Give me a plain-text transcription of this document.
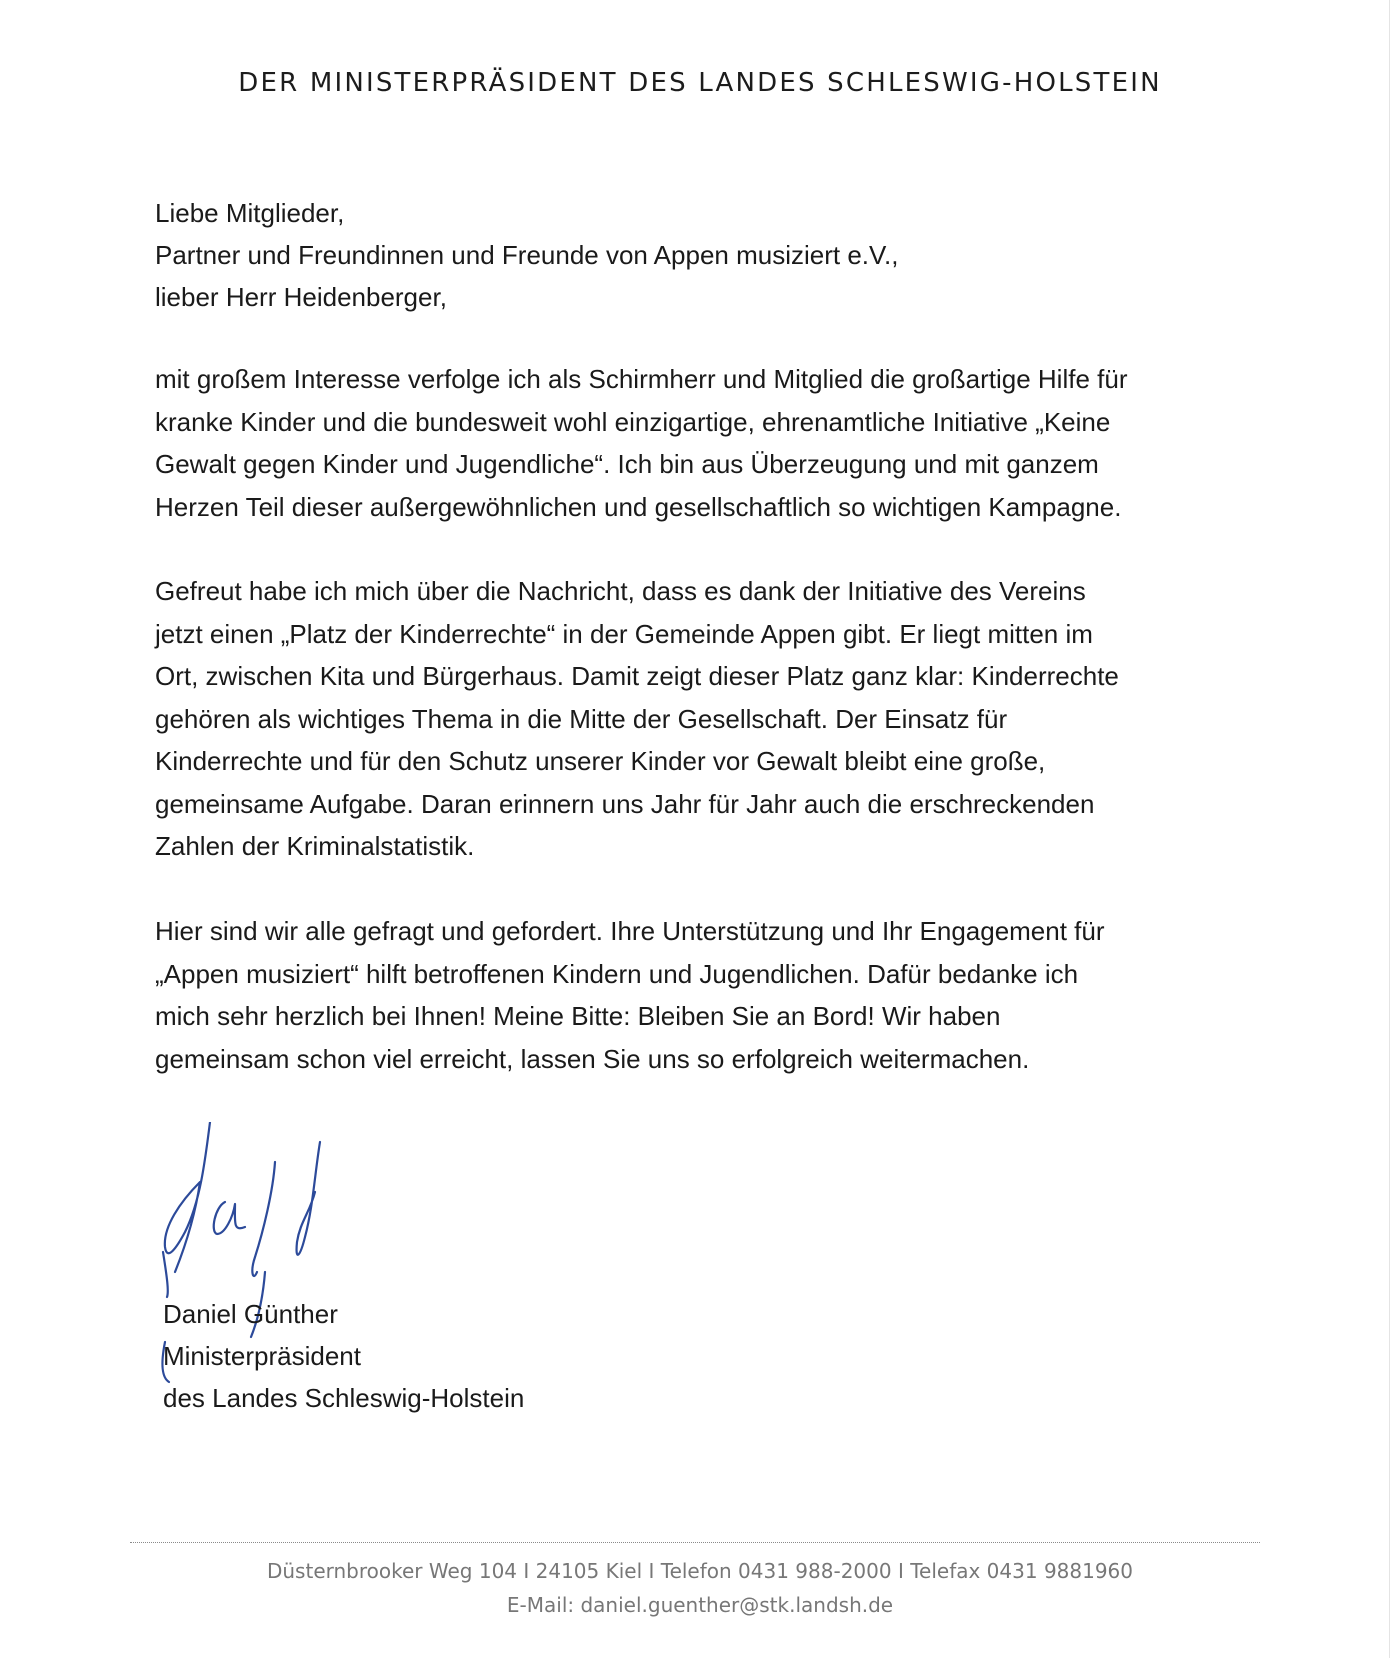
DER MINISTERPRÄSIDENT DES LANDES SCHLESWIG-HOLSTEIN
Liebe Mitglieder,
Partner und Freundinnen und Freunde von Appen musiziert e.V.,
lieber Herr Heidenberger,
mit großem Interesse verfolge ich als Schirmherr und Mitglied die großartige Hilfe für
kranke Kinder und die bundesweit wohl einzigartige, ehrenamtliche Initiative „Keine
Gewalt gegen Kinder und Jugendliche“. Ich bin aus Überzeugung und mit ganzem
Herzen Teil dieser außergewöhnlichen und gesellschaftlich so wichtigen Kampagne.
Gefreut habe ich mich über die Nachricht, dass es dank der Initiative des Vereins
jetzt einen „Platz der Kinderrechte“ in der Gemeinde Appen gibt. Er liegt mitten im
Ort, zwischen Kita und Bürgerhaus. Damit zeigt dieser Platz ganz klar: Kinderrechte
gehören als wichtiges Thema in die Mitte der Gesellschaft. Der Einsatz für
Kinderrechte und für den Schutz unserer Kinder vor Gewalt bleibt eine große,
gemeinsame Aufgabe. Daran erinnern uns Jahr für Jahr auch die erschreckenden
Zahlen der Kriminalstatistik.
Hier sind wir alle gefragt und gefordert. Ihre Unterstützung und Ihr Engagement für
„Appen musiziert“ hilft betroffenen Kindern und Jugendlichen. Dafür bedanke ich
mich sehr herzlich bei Ihnen! Meine Bitte: Bleiben Sie an Bord! Wir haben
gemeinsam schon viel erreicht, lassen Sie uns so erfolgreich weitermachen.
Daniel Günther
Ministerpräsident
des Landes Schleswig-Holstein
Düsternbrooker Weg 104 I 24105 Kiel I Telefon 0431 988-2000 I Telefax 0431 9881960
E-Mail: daniel.guenther@stk.landsh.de
